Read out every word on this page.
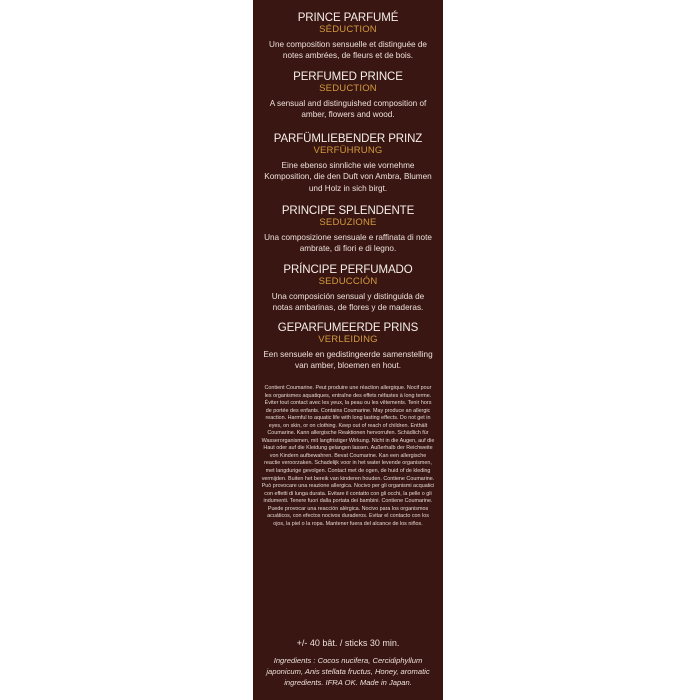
PRINCE PARFUMÉ
SÉDUCTION
Une composition sensuelle et distinguée de notes ambrées, de fleurs et de bois.
PERFUMED PRINCE
SEDUCTION
A sensual and distinguished composition of amber, flowers and wood.
PARFÜMLIEBENDER PRINZ
VERFÜHRUNG
Eine ebenso sinnliche wie vornehme Komposition, die den Duft von Ambra, Blumen und Holz in sich birgt.
PRINCIPE SPLENDENTE
SEDUZIONE
Una composizione sensuale e raffinata di note ambrate, di fiori e di legno.
PRÍNCIPE PERFUMADO
SEDUCCIÓN
Una composición sensual y distinguida de notas ambarinas, de flores y de maderas.
GEPARFUMEERDE PRINS
VERLEIDING
Een sensuele en gedistingeerde samenstelling van amber, bloemen en hout.
Contient Coumarine. Peut produire une réaction allergique. Nocif pour les organismes aquatiques, entraîne des effets néfastes à long terme. Éviter tout contact avec les yeux, la peau ou les vêtements. Tenir hors de portée des enfants. Contains Coumarine. May produce an allergic reaction. Harmful to aquatic life with long lasting effects. Do not get in eyes, on skin, or on clothing. Keep out of reach of children. Enthält Coumarine. Kann allergische Reaktionen hervorrufen. Schädlich für Wasserorganismen, mit langfristiger Wirkung. Nicht in die Augen, auf die Haut oder auf die Kleidung gelangen lassen. Außerhalb der Reichweite von Kindern aufbewahren. Bevat Coumarine. Kan een allergische reactie veroorzaken. Schadelijk voor in het water levende organismen, met langdurige gevolgen. Contact met de ogen, de huid of de kleding vermijden. Buiten het bereik van kinderen houden. Contiene Coumarine. Può provocare una reazione allergica. Nocivo per gli organismi acquatici con effetti di lunga durata. Evitare il contatto con gli occhi, la pelle o gli indumenti. Tenere fuori dalla portata dei bambini. Contiene Coumarine. Puede provocar una reacción alérgica. Nocivo para los organismos acuáticos, con efectos nocivos duraderos. Evitar el contacto con los ojos, la piel o la ropa. Mantener fuera del alcance de los niños.
+/- 40 bât. / sticks 30 min.
Ingredients : Cocos nucifera, Cercidiphyllum japonicum, Anis stellata fructus, Honey, aromatic ingredients. IFRA OK. Made in Japan.
